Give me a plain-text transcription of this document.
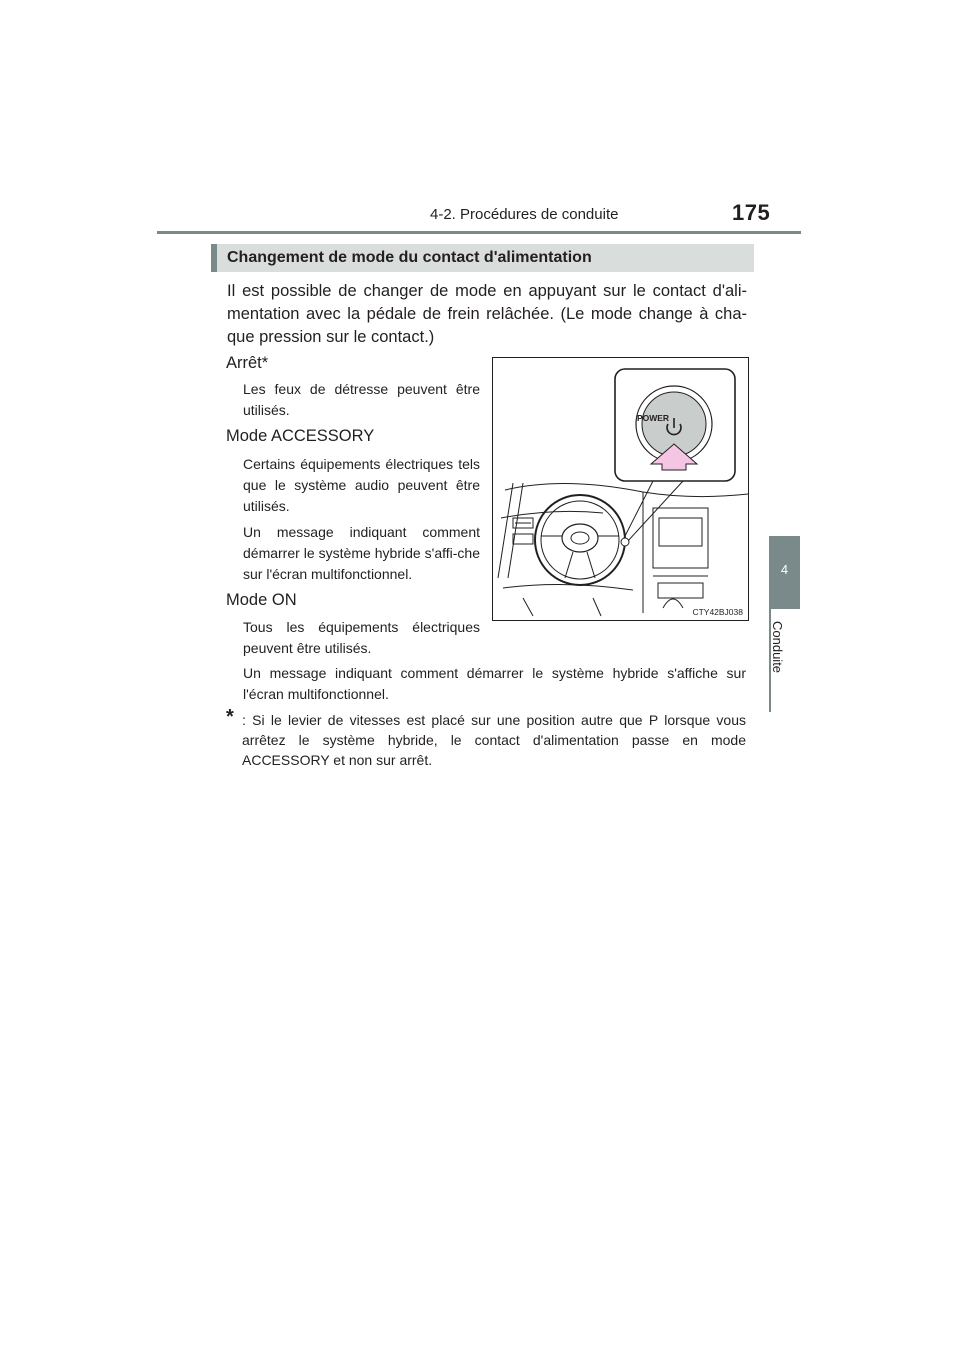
4-2. Procédures de conduite	175
4
Conduite
Changement de mode du contact d'alimentation
Il est possible de changer de mode en appuyant sur le contact d'ali-mentation avec la pédale de frein relâchée. (Le mode change à cha-que pression sur le contact.)
Arrêt*
Les feux de détresse peuvent être utilisés.
Mode ACCESSORY
Certains équipements électriques tels que le système audio peuvent être utilisés.
Un message indiquant comment démarrer le système hybride s'affi-che sur l'écran multifonctionnel.
Mode ON
Tous les équipements électriques peuvent être utilisés.
Un message indiquant comment démarrer le système hybride s'affiche sur l'écran multifonctionnel.
* : Si le levier de vitesses est placé sur une position autre que P lorsque vous arrêtez le système hybride, le contact d'alimentation passe en mode ACCESSORY et non sur arrêt.
POWER
CTY42BJ038
